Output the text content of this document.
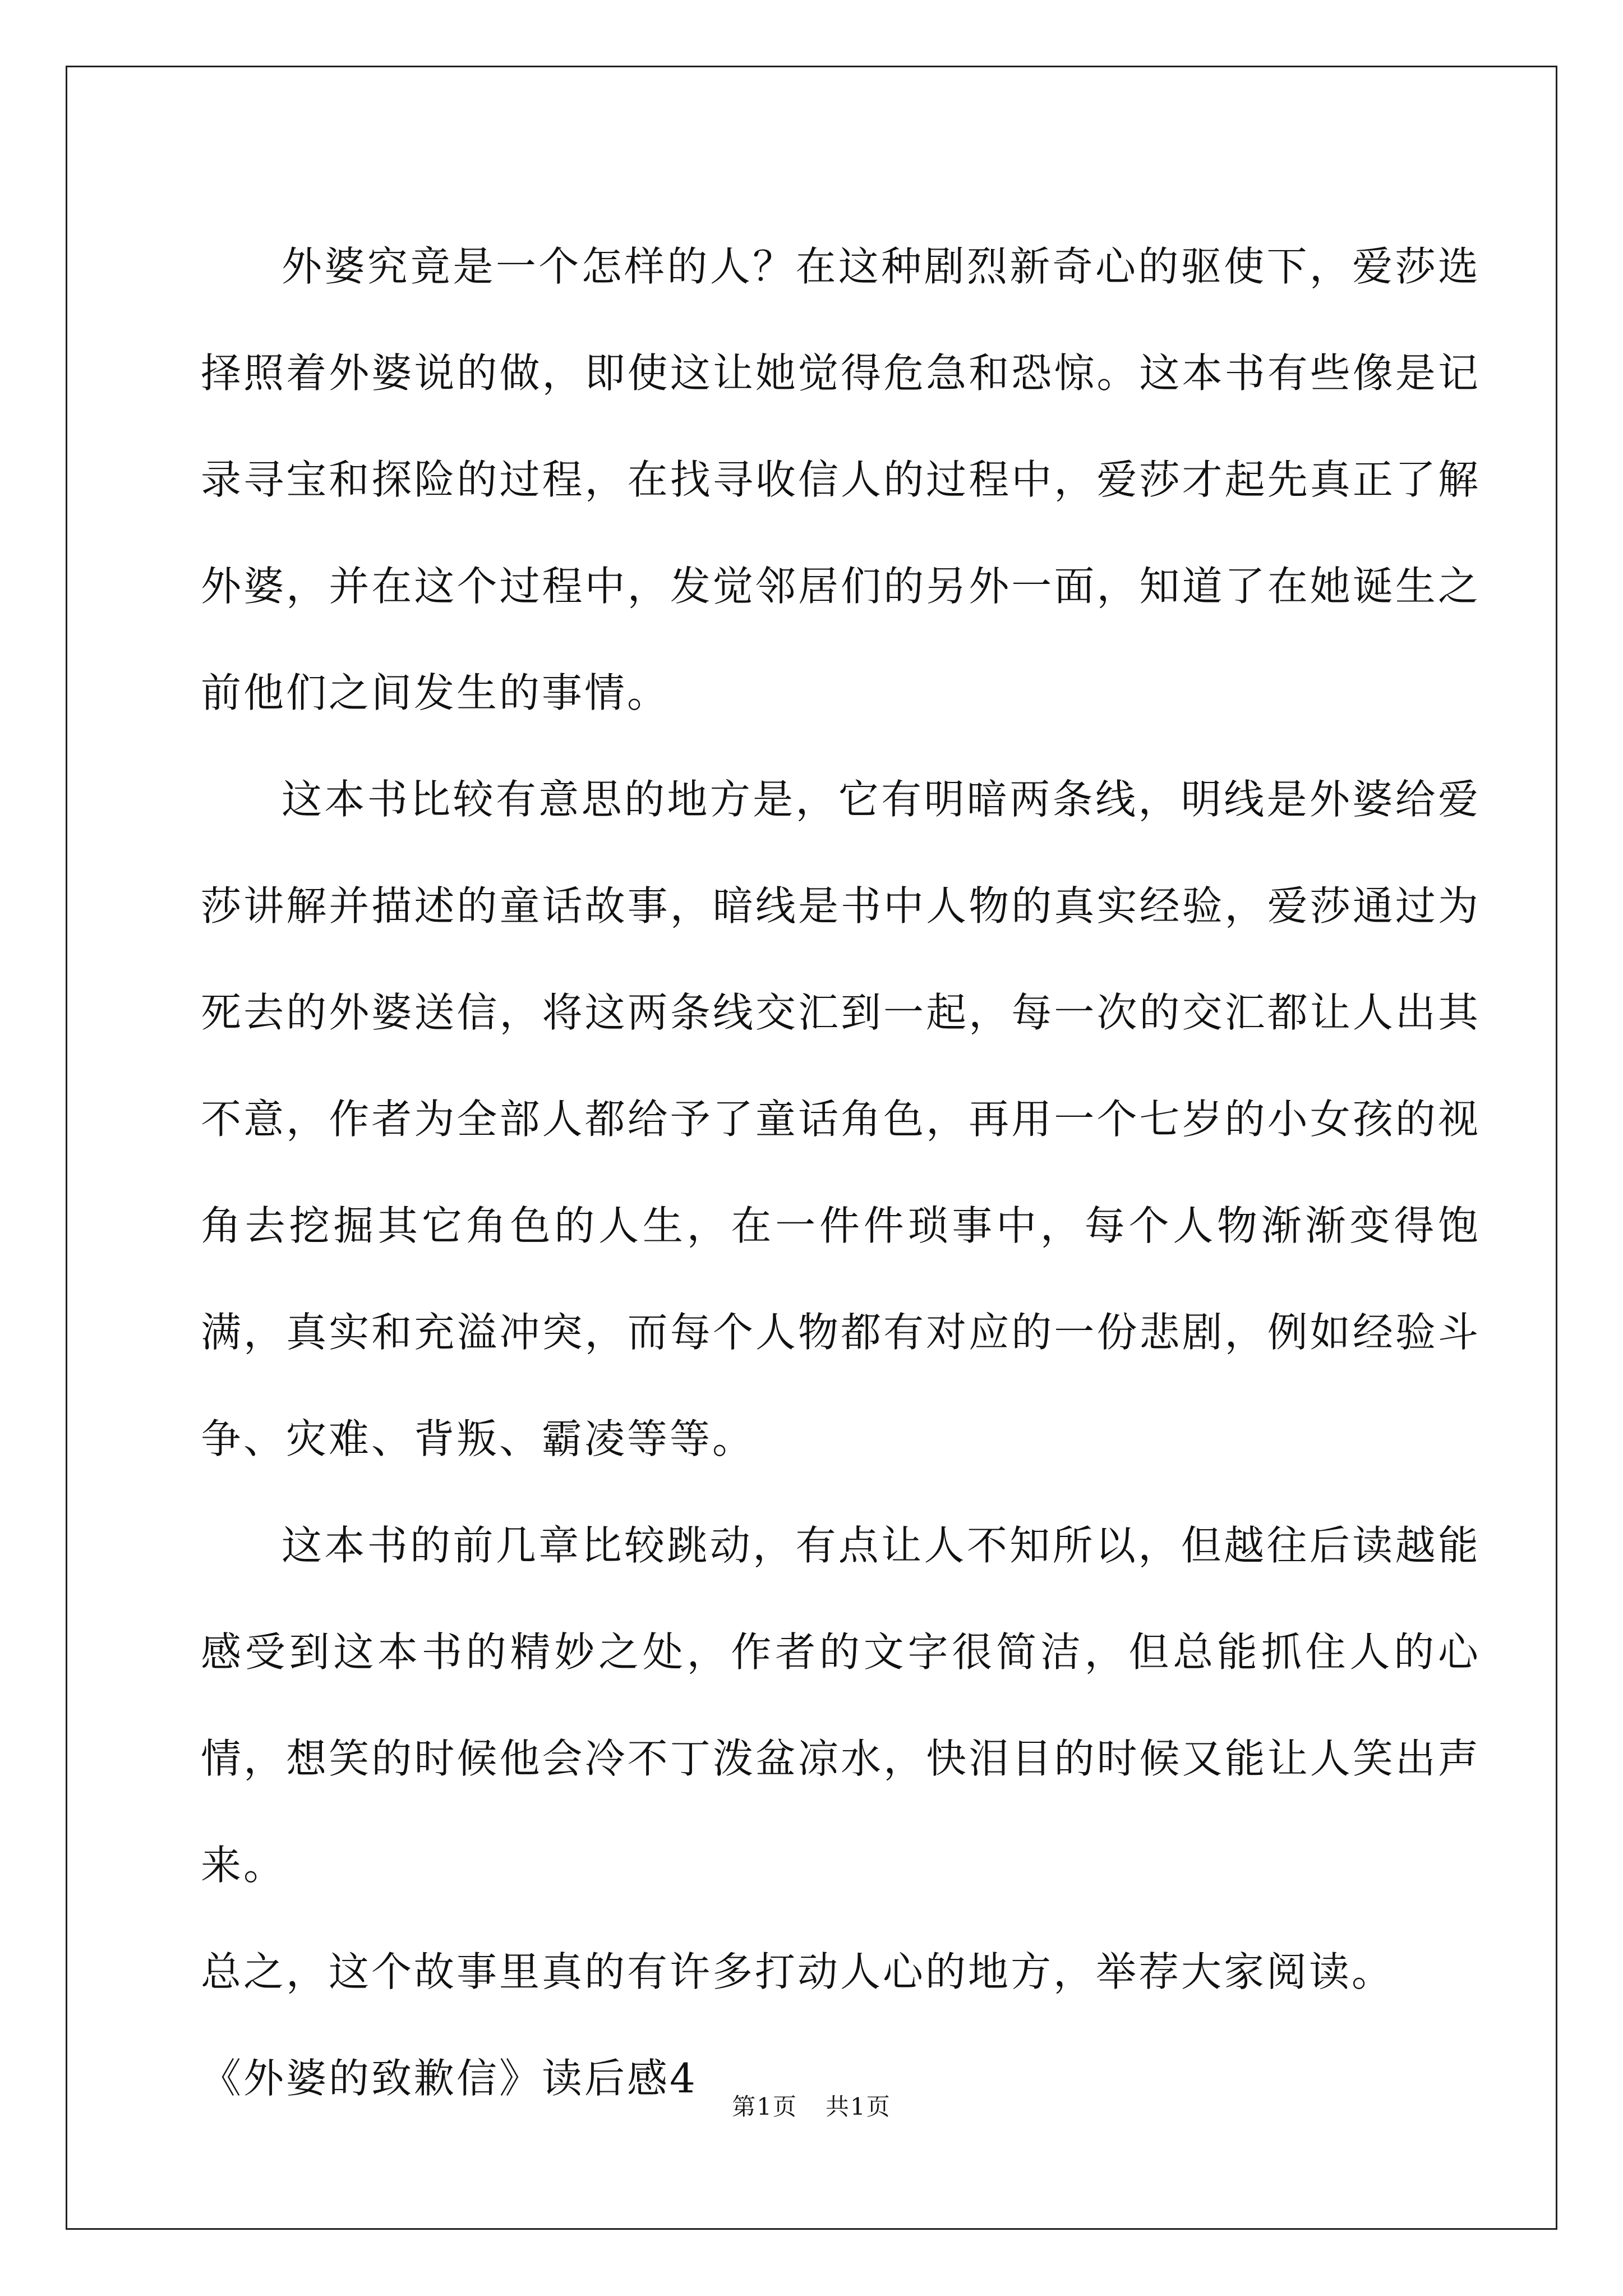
外婆究竟是一个怎样的人？在这种剧烈新奇心的驱使下，爱莎选择照着外婆说的做，即使这让她觉得危急和恐惊。这本书有些像是记录寻宝和探险的过程，在找寻收信人的过程中，爱莎才起先真正了解外婆，并在这个过程中，发觉邻居们的另外一面，知道了在她诞生之前他们之间发生的事情。

这本书比较有意思的地方是，它有明暗两条线，明线是外婆给爱莎讲解并描述的童话故事，暗线是书中人物的真实经验，爱莎通过为死去的外婆送信，将这两条线交汇到一起，每一次的交汇都让人出其不意，作者为全部人都给予了童话角色，再用一个七岁的小女孩的视角去挖掘其它角色的人生，在一件件琐事中，每个人物渐渐变得饱满，真实和充溢冲突，而每个人物都有对应的一份悲剧，例如经验斗争、灾难、背叛、霸凌等等。

这本书的前几章比较跳动，有点让人不知所以，但越往后读越能感受到这本书的精妙之处，作者的文字很简洁，但总能抓住人的心情，想笑的时候他会冷不丁泼盆凉水，快泪目的时候又能让人笑出声来。

总之，这个故事里真的有许多打动人心的地方，举荐大家阅读。

《外婆的致歉信》读后感4

第1页 共1页
